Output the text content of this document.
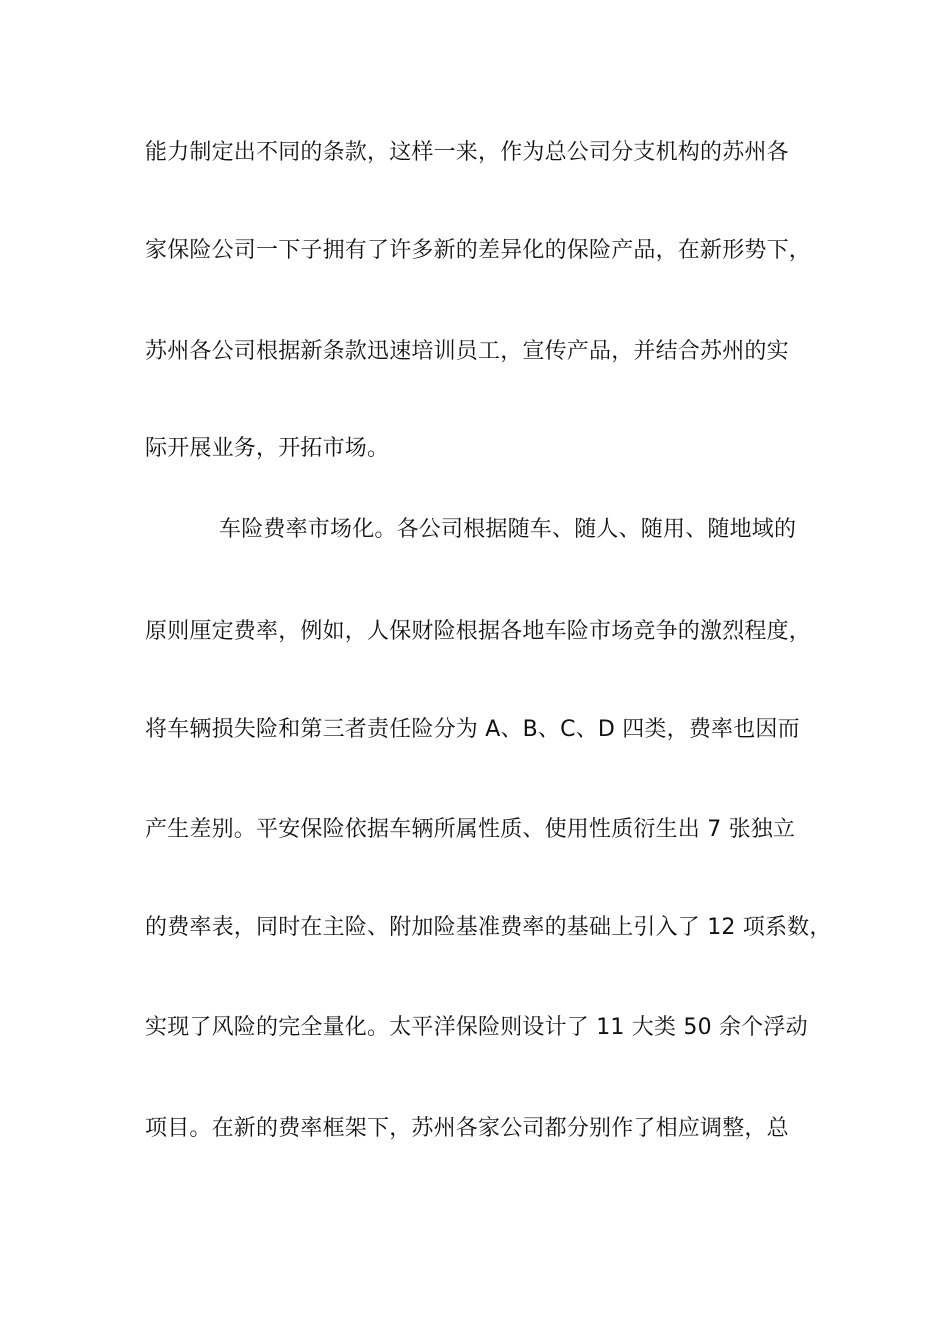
能力制定出不同的条款，这样一来，作为总公司分支机构的苏州各
家保险公司一下子拥有了许多新的差异化的保险产品，在新形势下，
苏州各公司根据新条款迅速培训员工，宣传产品，并结合苏州的实
际开展业务，开拓市场。
车险费率市场化。各公司根据随车、随人、随用、随地域的
原则厘定费率，例如，人保财险根据各地车险市场竞争的激烈程度，
将车辆损失险和第三者责任险分为 A、B、C、D 四类，费率也因而
产生差别。平安保险依据车辆所属性质、使用性质衍生出 7 张独立
的费率表，同时在主险、附加险基准费率的基础上引入了 12 项系数，
实现了风险的完全量化。太平洋保险则设计了 11 大类 50 余个浮动
项目。在新的费率框架下，苏州各家公司都分别作了相应调整，总
